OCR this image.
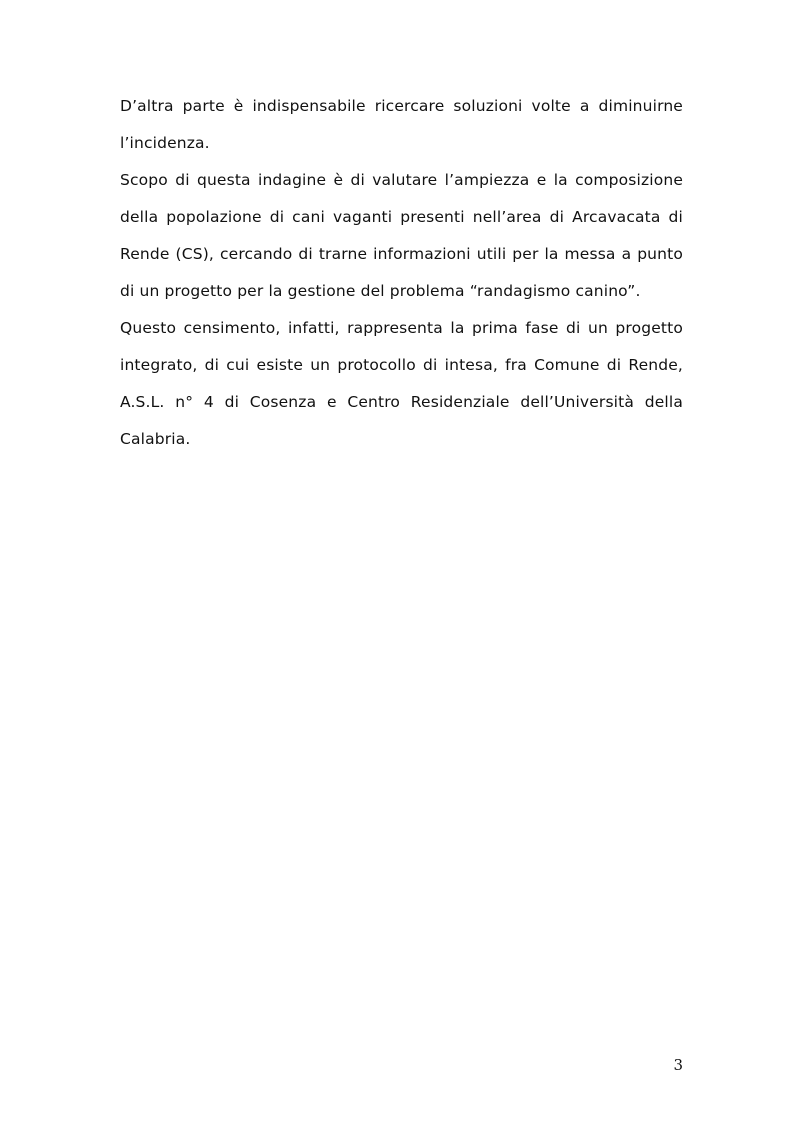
D’altra parte è indispensabile ricercare soluzioni volte a diminuirne l’incidenza.

Scopo di questa indagine è di valutare l’ampiezza e la composizione della popolazione di cani vaganti presenti nell’area di Arcavacata di Rende (CS), cercando di trarne informazioni utili per la messa a punto di un progetto per la gestione del problema “randagismo canino”.

Questo censimento, infatti, rappresenta la prima fase di un progetto integrato, di cui esiste un protocollo di intesa, fra Comune di Rende, A.S.L. n° 4 di Cosenza e Centro Residenziale dell’Università della Calabria.

3
